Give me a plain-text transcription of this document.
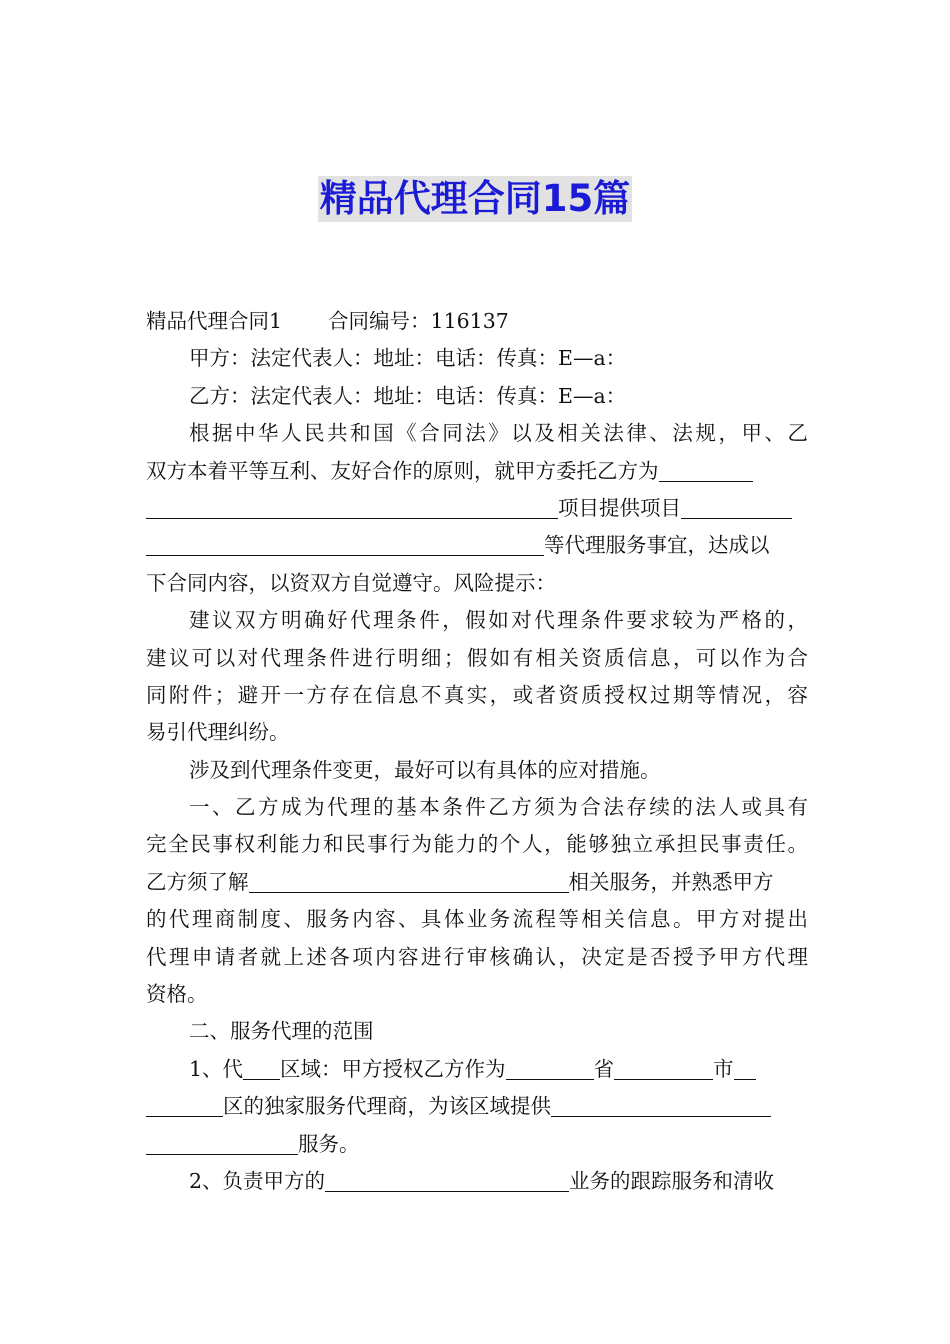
精品代理合同15篇
精品代理合同1 合同编号：116137
甲方：法定代表人：地址：电话：传真：E—a：
乙方：法定代表人：地址：电话：传真：E—a：
根据中华人民共和国《合同法》以及相关法律、法规，甲、乙
双方本着平等互利、友好合作的原则，就甲方委托乙方为
项目提供项目
等代理服务事宜，达成以
下合同内容，以资双方自觉遵守。风险提示：
建议双方明确好代理条件，假如对代理条件要求较为严格的，
建议可以对代理条件进行明细；假如有相关资质信息，可以作为合
同附件；避开一方存在信息不真实，或者资质授权过期等情况，容
易引代理纠纷。
涉及到代理条件变更，最好可以有具体的应对措施。
一、乙方成为代理的基本条件乙方须为合法存续的法人或具有
完全民事权利能力和民事行为能力的个人，能够独立承担民事责任。
乙方须了解	相关服务，并熟悉甲方
的代理商制度、服务内容、具体业务流程等相关信息。甲方对提出
代理申请者就上述各项内容进行审核确认，决定是否授予甲方代理
资格。
二、服务代理的范围
1、代 区域：甲方授权乙方作为	省	市
区的独家服务代理商，为该区域提供
服务。
2、负责甲方的	业务的跟踪服务和清收
